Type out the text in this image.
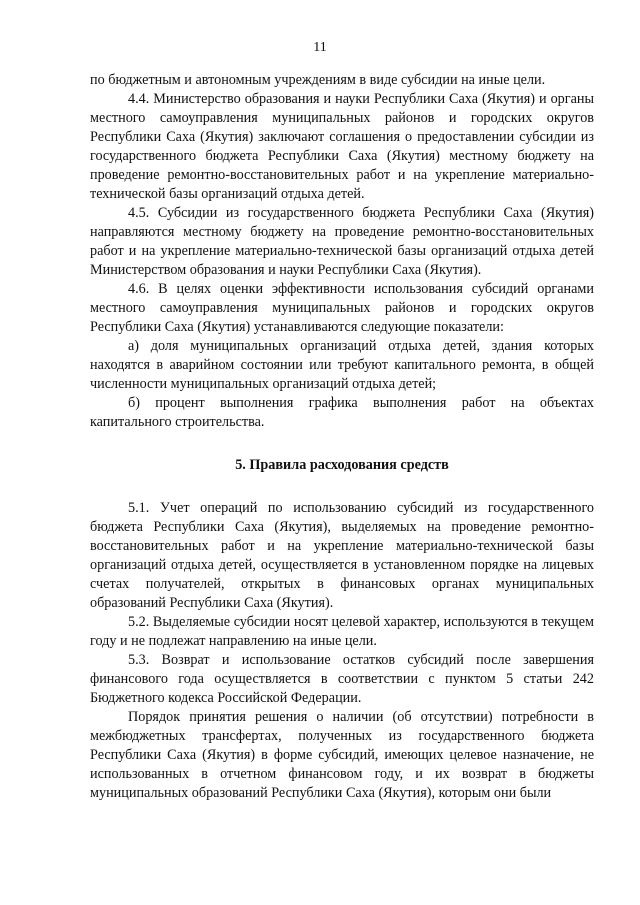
11

по бюджетным и автономным учреждениям в виде субсидии на иные цели.

4.4. Министерство образования и науки Республики Саха (Якутия) и органы местного самоуправления муниципальных районов и городских округов Республики Саха (Якутия) заключают соглашения о предоставлении субсидии из государственного бюджета Республики Саха (Якутия) местному бюджету на проведение ремонтно-восстановительных работ и на укрепление материально-технической базы организаций отдыха детей.

4.5. Субсидии из государственного бюджета Республики Саха (Якутия) направляются местному бюджету на проведение ремонтно-восстановительных работ и на укрепление материально-технической базы организаций отдыха детей Министерством образования и науки Республики Саха (Якутия).

4.6. В целях оценки эффективности использования субсидий органами местного самоуправления муниципальных районов и городских округов Республики Саха (Якутия) устанавливаются следующие показатели:

а) доля муниципальных организаций отдыха детей, здания которых находятся в аварийном состоянии или требуют капитального ремонта, в общей численности муниципальных организаций отдыха детей;

б) процент выполнения графика выполнения работ на объектах капитального строительства.

5. Правила расходования средств

5.1. Учет операций по использованию субсидий из государственного бюджета Республики Саха (Якутия), выделяемых на проведение ремонтно-восстановительных работ и на укрепление материально-технической базы организаций отдыха детей, осуществляется в установленном порядке на лицевых счетах получателей, открытых в финансовых органах муниципальных образований Республики Саха (Якутия).

5.2. Выделяемые субсидии носят целевой характер, используются в текущем году и не подлежат направлению на иные цели.

5.3. Возврат и использование остатков субсидий после завершения финансового года осуществляется в соответствии с пунктом 5 статьи 242 Бюджетного кодекса Российской Федерации.

Порядок принятия решения о наличии (об отсутствии) потребности в межбюджетных трансфертах, полученных из государственного бюджета Республики Саха (Якутия) в форме субсидий, имеющих целевое назначение, не использованных в отчетном финансовом году, и их возврат в бюджеты муниципальных образований Республики Саха (Якутия), которым они были
